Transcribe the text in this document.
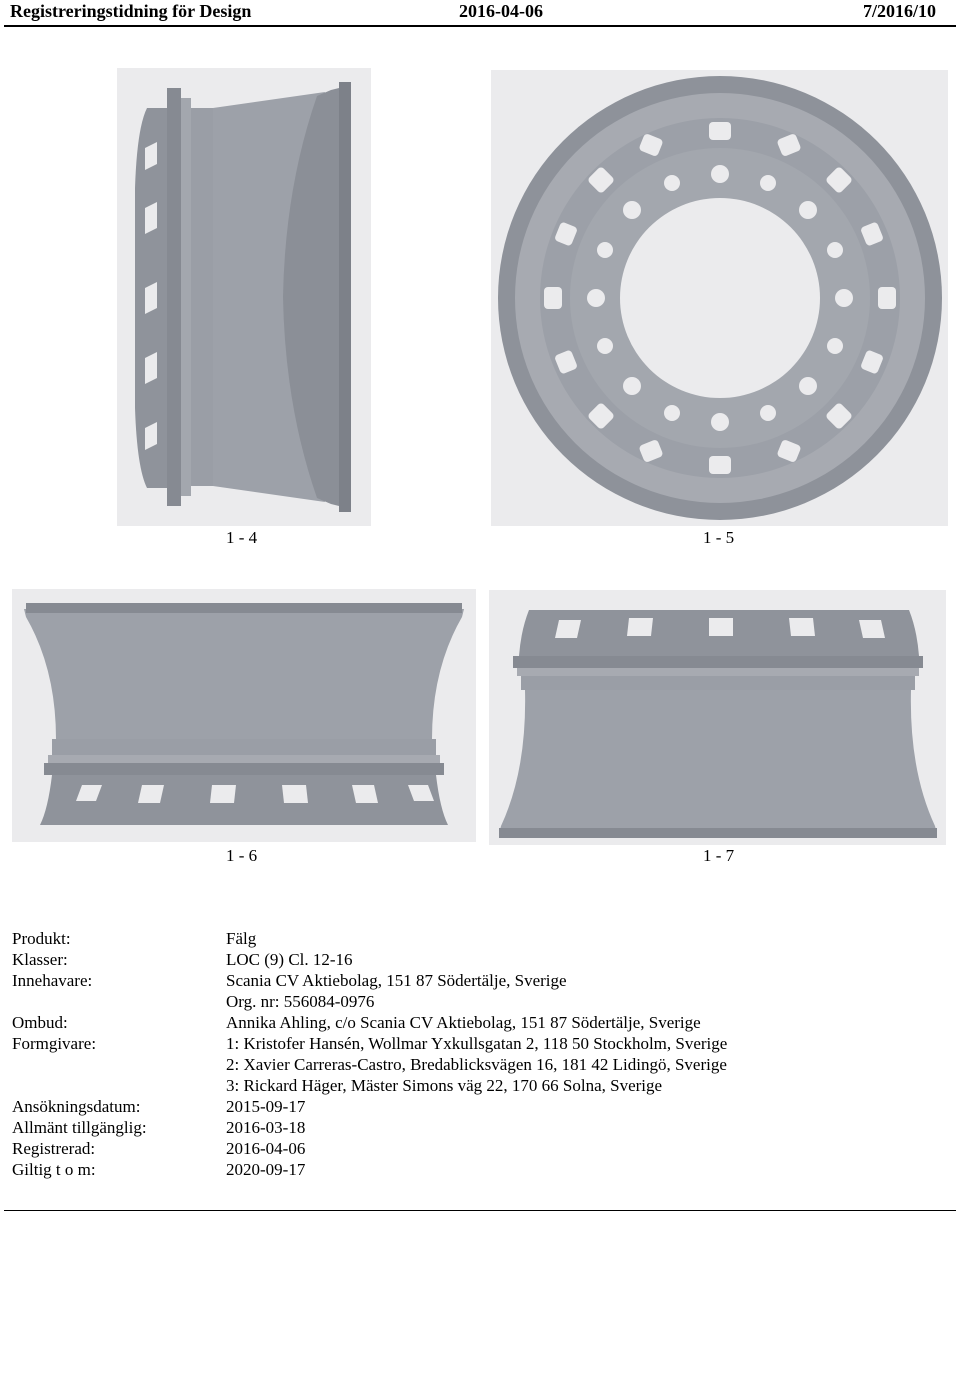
Registreringstidning för Design	2016-04-06	7/2016/10
1 - 4	1 - 5
1 - 6	1 - 7
Produkt:	Fälg
Klasser:	LOC (9) Cl. 12-16
Innehavare:	Scania CV Aktiebolag, 151 87 Södertälje, Sverige
Org. nr: 556084-0976
Ombud:	Annika Ahling, c/o Scania CV Aktiebolag, 151 87 Södertälje, Sverige
Formgivare:	1: Kristofer Hansén, Wollmar Yxkullsgatan 2, 118 50 Stockholm, Sverige
2: Xavier Carreras-Castro, Bredablicksvägen 16, 181 42 Lidingö, Sverige
3: Rickard Häger, Mäster Simons väg 22, 170 66 Solna, Sverige
Ansökningsdatum:	2015-09-17
Allmänt tillgänglig:	2016-03-18
Registrerad:	2016-04-06
Giltig t o m:	2020-09-17
